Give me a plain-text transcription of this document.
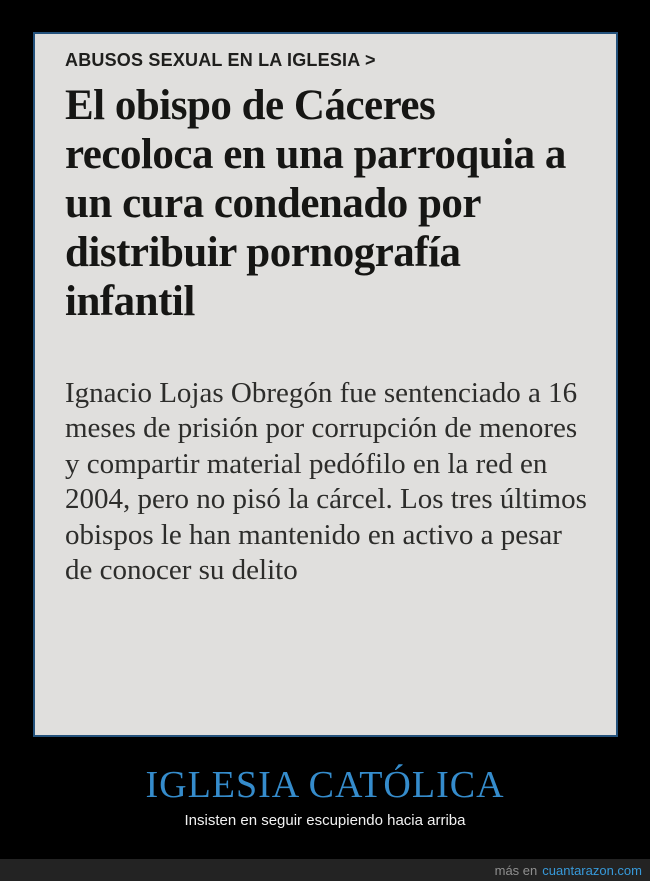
ABUSOS SEXUAL EN LA IGLESIA >
El obispo de Cáceres recoloca en una parroquia a un cura condenado por distribuir pornografía infantil

Ignacio Lojas Obregón fue sentenciado a 16 meses de prisión por corrupción de menores y compartir material pedófilo en la red en 2004, pero no pisó la cárcel. Los tres últimos obispos le han mantenido en activo a pesar de conocer su delito

IGLESIA CATÓLICA
Insisten en seguir escupiendo hacia arriba
más en cuantarazon.com
